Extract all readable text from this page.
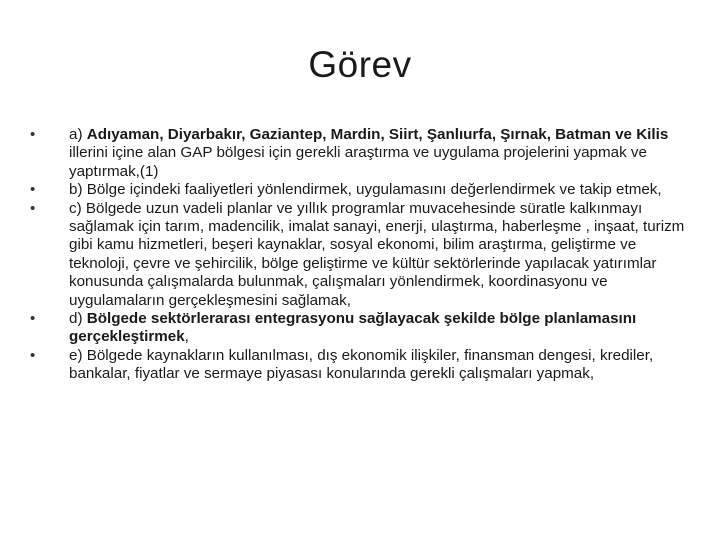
Görev
• a) Adıyaman, Diyarbakır, Gaziantep, Mardin, Siirt, Şanlıurfa, Şırnak, Batman ve Kilis illerini içine alan GAP bölgesi için gerekli araştırma ve uygulama projelerini yapmak ve yaptırmak,(1)
• b) Bölge içindeki faaliyetleri yönlendirmek, uygulamasını değerlendirmek ve takip etmek,
• c) Bölgede uzun vadeli planlar ve yıllık programlar muvacehesinde süratle kalkınmayı sağlamak için tarım, madencilik, imalat sanayi, enerji, ulaştırma, haberleşme , inşaat, turizm gibi kamu hizmetleri, beşeri kaynaklar, sosyal ekonomi, bilim araştırma, geliştirme ve teknoloji, çevre ve şehircilik, bölge geliştirme ve kültür sektörlerinde yapılacak yatırımlar konusunda çalışmalarda bulunmak, çalışmaları yönlendirmek, koordinasyonu ve uygulamaların gerçekleşmesini sağlamak,
• d) Bölgede sektörlerarası entegrasyonu sağlayacak şekilde bölge planlamasını gerçekleştirmek,
• e) Bölgede kaynakların kullanılması, dış ekonomik ilişkiler, finansman dengesi, krediler, bankalar, fiyatlar ve sermaye piyasası konularında gerekli çalışmaları yapmak,
